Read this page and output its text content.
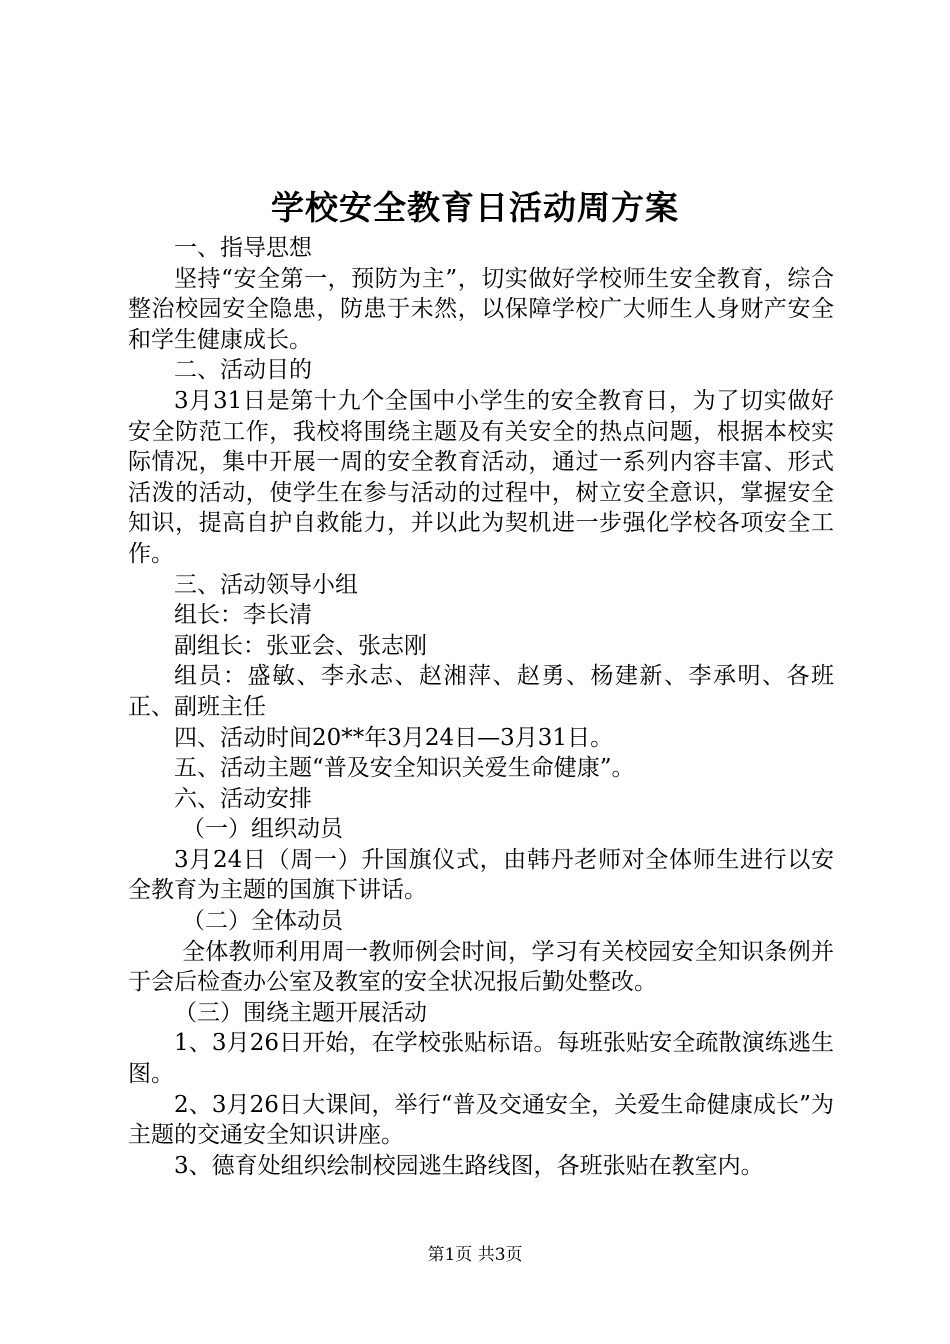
学校安全教育日活动周方案

一、指导思想

坚持“安全第一，预防为主”，切实做好学校师生安全教育，综合整治校园安全隐患，防患于未然，以保障学校广大师生人身财产安全和学生健康成长。

二、活动目的

3月31日是第十九个全国中小学生的安全教育日，为了切实做好安全防范工作，我校将围绕主题及有关安全的热点问题，根据本校实际情况，集中开展一周的安全教育活动，通过一系列内容丰富、形式活泼的活动，使学生在参与活动的过程中，树立安全意识，掌握安全知识，提高自护自救能力，并以此为契机进一步强化学校各项安全工作。

三、活动领导小组

组长：李长清

副组长：张亚会、张志刚

组员：盛敏、李永志、赵湘萍、赵勇、杨建新、李承明、各班正、副班主任

四、活动时间20**年3月24日—3月31日。

五、活动主题“普及安全知识关爱生命健康”。

六、活动安排

（一）组织动员

3月24日（周一）升国旗仪式，由韩丹老师对全体师生进行以安全教育为主题的国旗下讲话。

（二）全体动员

全体教师利用周一教师例会时间，学习有关校园安全知识条例并于会后检查办公室及教室的安全状况报后勤处整改。

（三）围绕主题开展活动

1、3月26日开始，在学校张贴标语。每班张贴安全疏散演练逃生图。

2、3月26日大课间，举行“普及交通安全，关爱生命健康成长”为主题的交通安全知识讲座。

3、德育处组织绘制校园逃生路线图，各班张贴在教室内。

第1页 共3页
